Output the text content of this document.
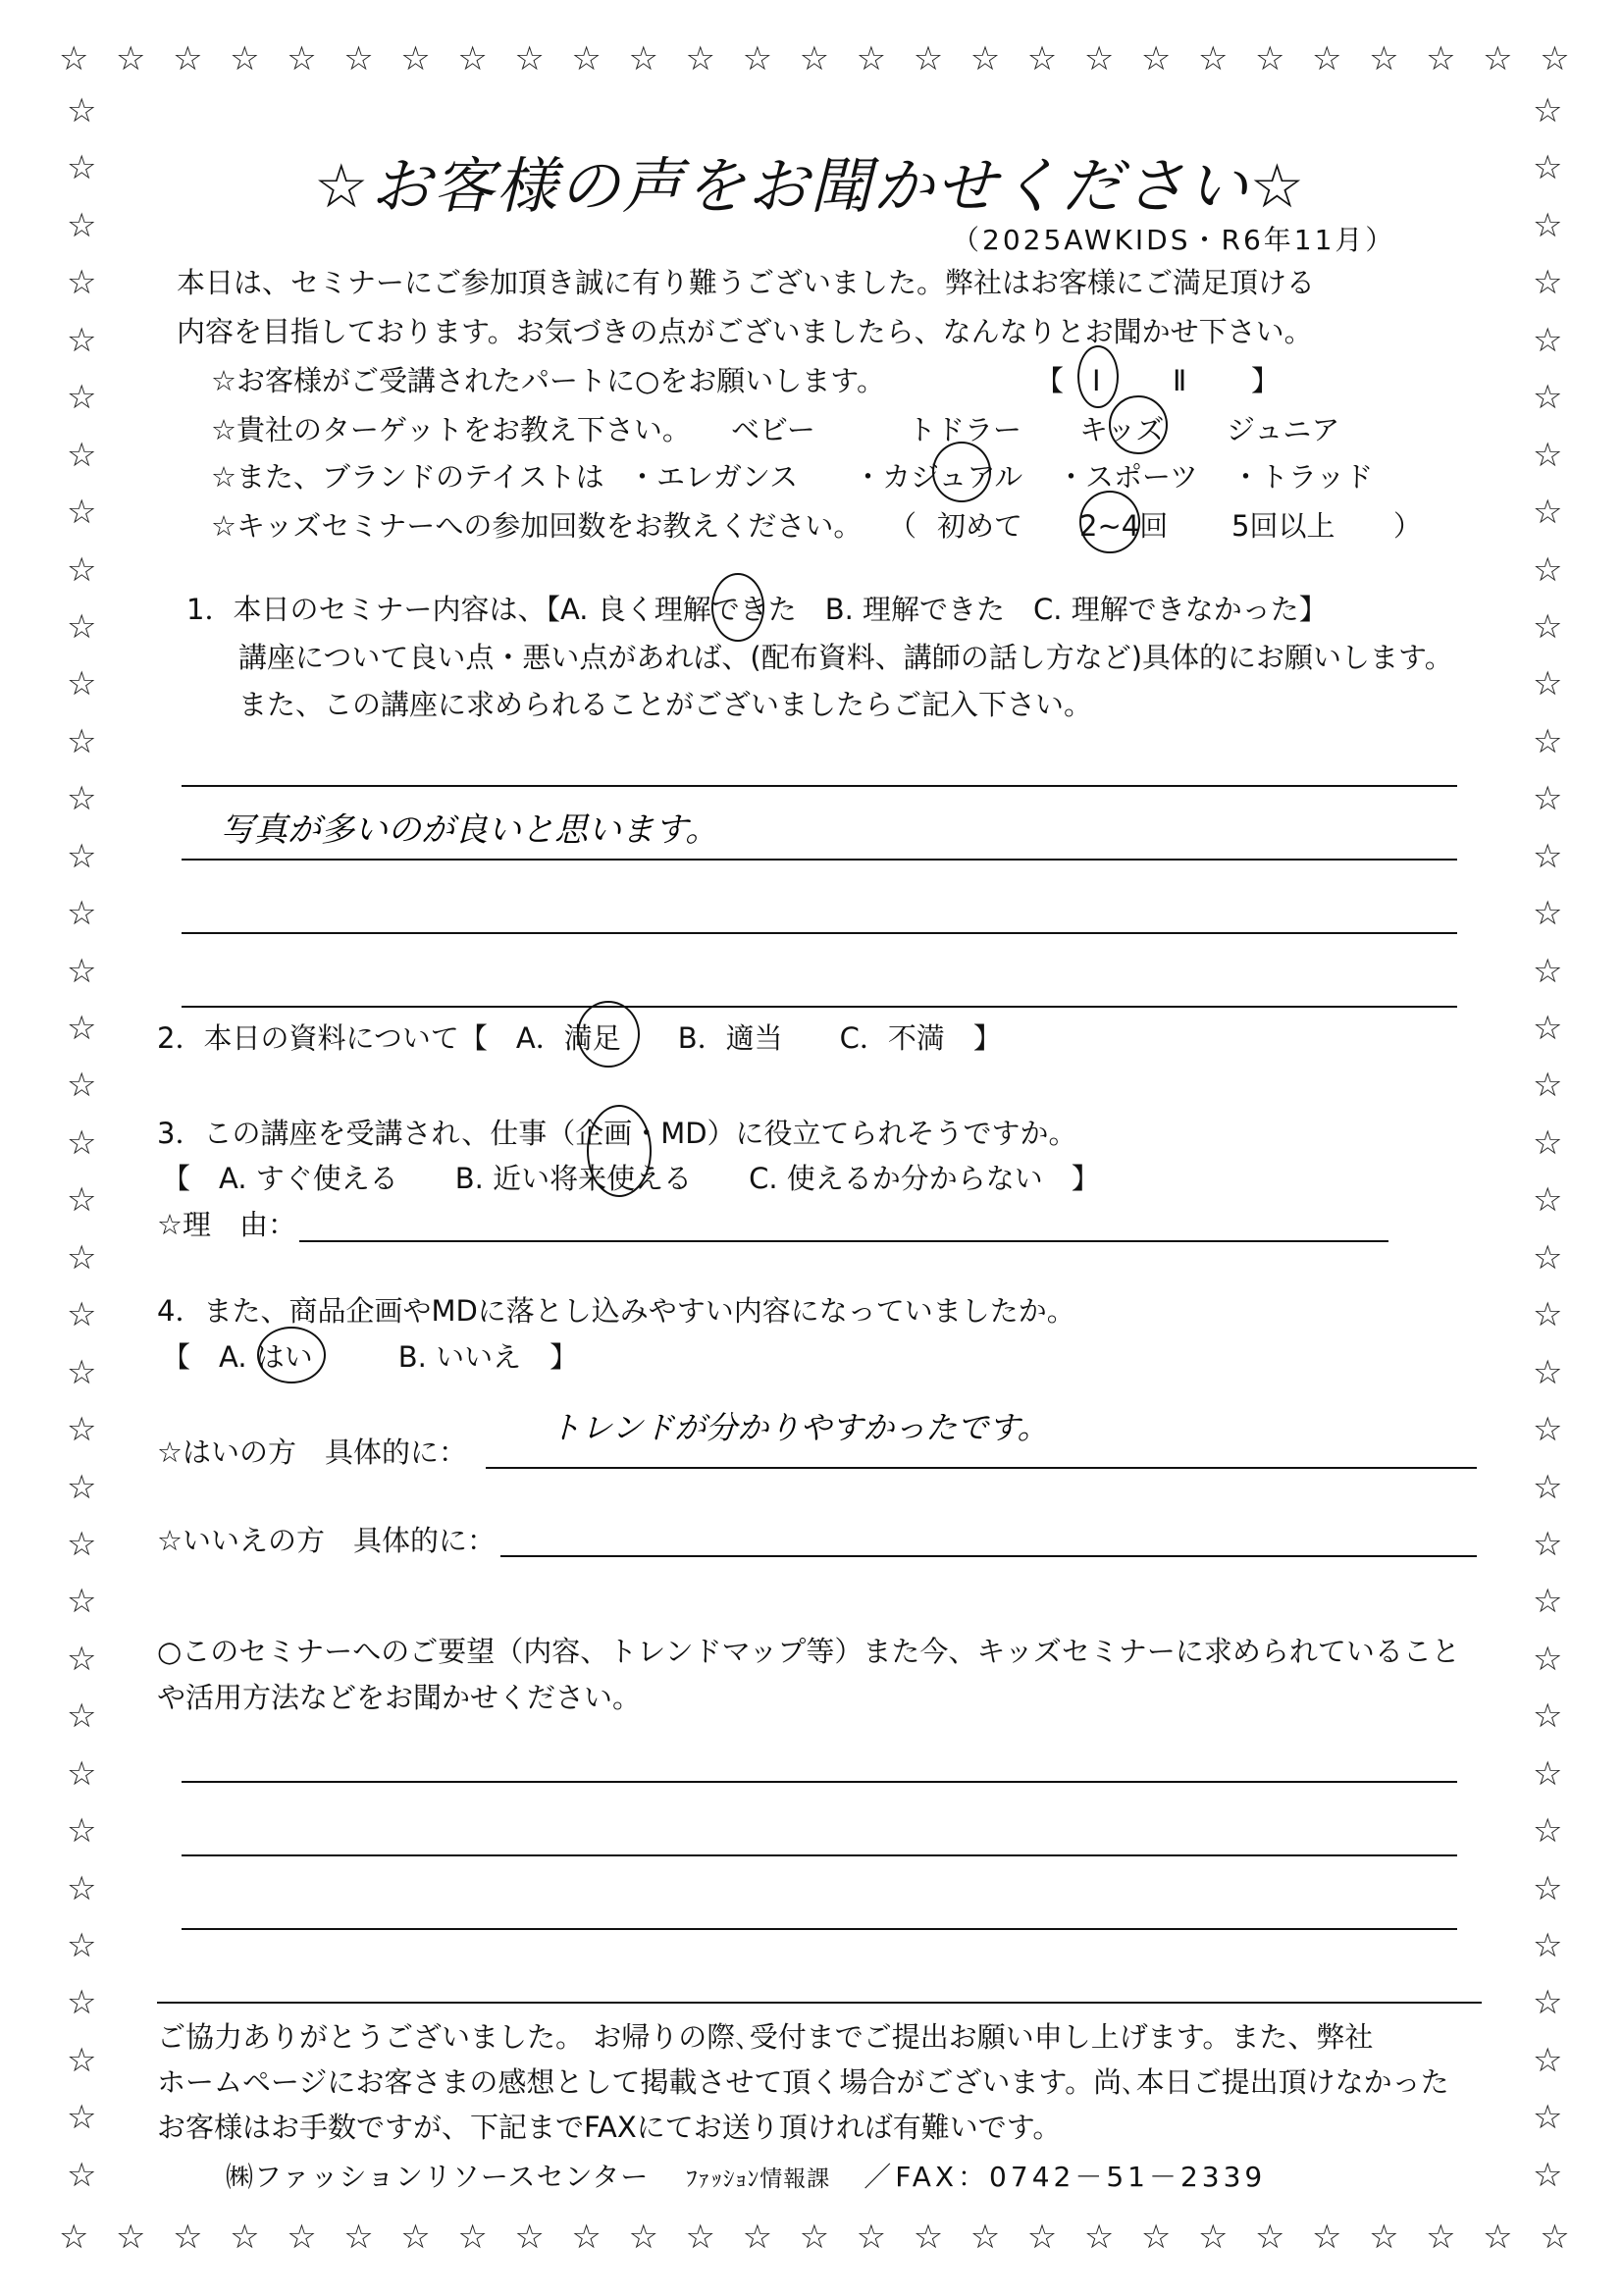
☆ ☆ ☆ ☆ ☆ ☆ ☆ ☆ ☆ ☆ ☆ ☆ ☆ ☆ ☆ ☆ ☆ ☆ ☆ ☆ ☆ ☆ ☆ ☆ ☆ ☆ ☆
☆ ☆ ☆ ☆ ☆ ☆ ☆ ☆ ☆ ☆ ☆ ☆ ☆ ☆ ☆ ☆ ☆ ☆ ☆ ☆ ☆ ☆ ☆ ☆ ☆ ☆ ☆
☆
☆
☆
☆
☆
☆
☆
☆
☆
☆
☆
☆
☆
☆
☆
☆
☆
☆
☆
☆
☆
☆
☆
☆
☆
☆
☆
☆
☆
☆
☆
☆
☆
☆
☆
☆
☆
☆
☆
☆
☆
☆
☆
☆
☆
☆
☆
☆
☆
☆
☆
☆
☆
☆
☆
☆
☆
☆
☆
☆
☆
☆
☆
☆
☆
☆
☆
☆
☆
☆
☆
☆
☆
☆
☆お客様の声をお聞かせください☆
（2025AWKIDS・R6年11月）
本日は、セミナーにご参加頂き誠に有り難うございました。弊社はお客様にご満足頂ける
内容を目指しております。お気づきの点がございましたら、なんなりとお聞かせ下さい。
☆お客様がご受講されたパートに○をお願いします。	【 Ⅰ	Ⅱ 】
☆貴社のターゲットをお教え下さい。 ベビー	トドラー キッズ ジュニア
☆また、ブランドのテイストは ・エレガンス ・カジュアル ・スポーツ ・トラッド
☆キッズセミナーへの参加回数をお教えください。 （ 初めて 2~4回 5回以上 ）
1．本日のセミナー内容は、【A. 良く理解できた　B. 理解できた　C. 理解できなかった】
講座について良い点・悪い点があれば、(配布資料、講師の話し方など)具体的にお願いします。
また、この講座に求められることがございましたらご記入下さい。
写真が多いのが良いと思います。
2．本日の資料について【　A．満足　　B．適当　　C．不満　】
3．この講座を受講され、仕事（企画・MD）に役立てられそうですか。
【　A. すぐ使える　　B. 近い将来使える　　C. 使えるか分からない　】
☆理　由：
4．また、商品企画やMDに落とし込みやすい内容になっていましたか。
【　A. はい　　　B. いいえ　】
☆はいの方　具体的に：
トレンドが分かりやすかったです。
☆いいえの方　具体的に：
○このセミナーへのご要望（内容、トレンドマップ等）また今、キッズセミナーに求められていること
や活用方法などをお聞かせください。
ご協力ありがとうございました。 お帰りの際､受付までご提出お願い申し上げます。また、弊社
ホームページにお客さまの感想として掲載させて頂く場合がございます。尚､本日ご提出頂けなかった
お客様はお手数ですが、下記までFAXにてお送り頂ければ有難いです。
㈱ファッションリソースセンター ﾌｧｯｼｮﾝ情報課 ／FAX：0742－51－2339
